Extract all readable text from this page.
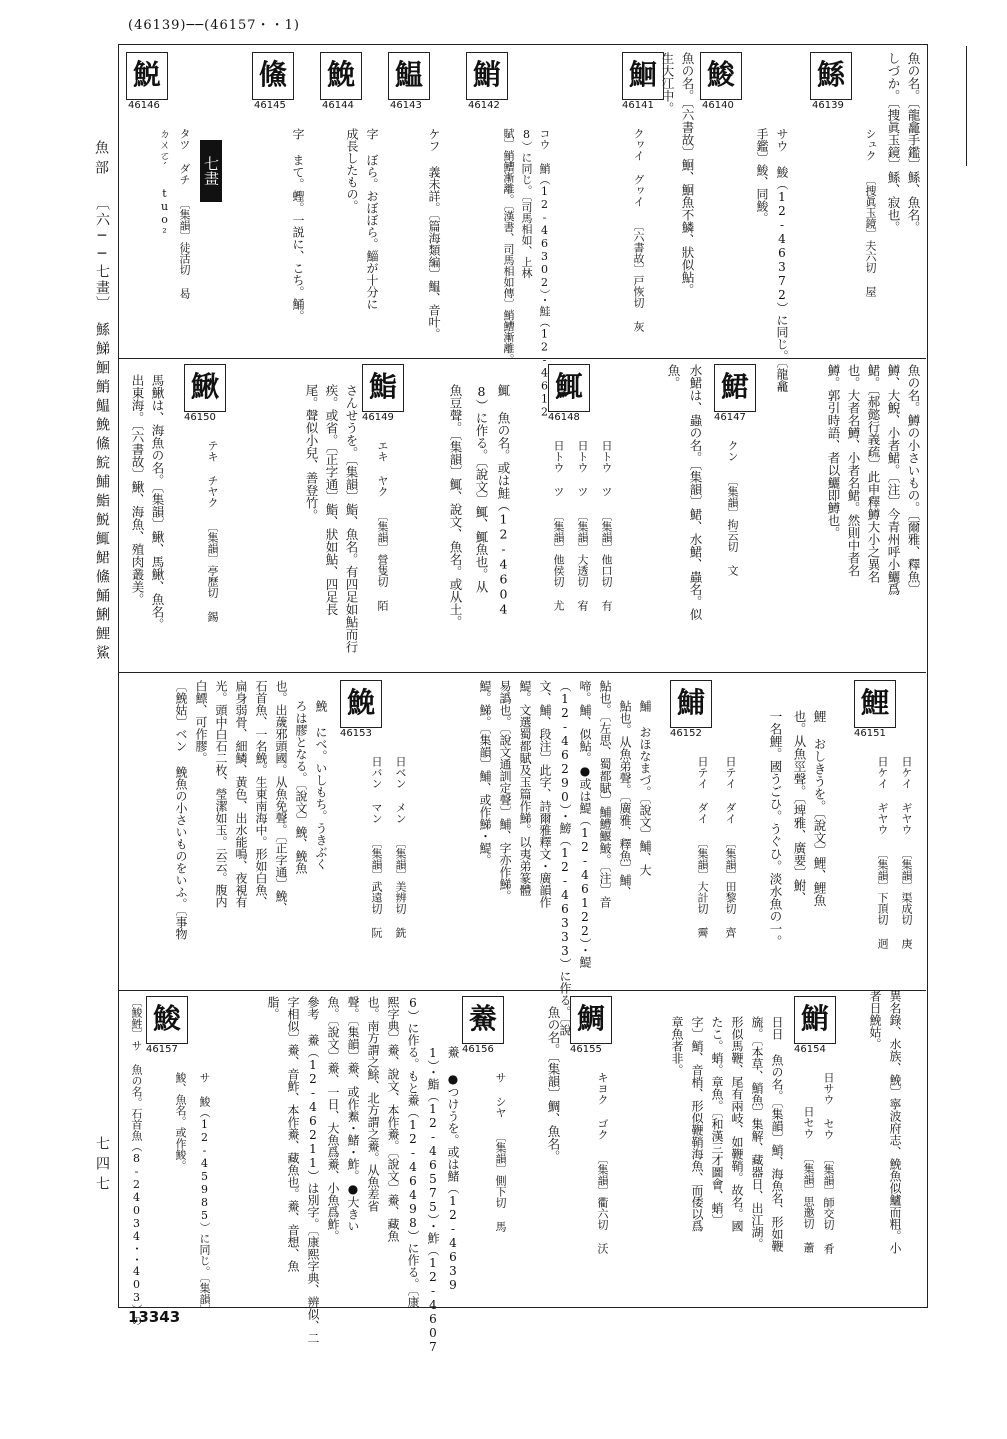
(46139)──(46157・・1)
魚部
〔六──七畫〕
鯀鮷鮰鮹鰛鮸鯈鯇鯆鮨鮵鮿鮶鯈鯒鯏鯉鯊
七四七
七畫
鯀
46139	魚の名。〔龍龕手鑑〕鯀、魚名。
しづか。〔捜眞玉鏡〕鯀、寂也。
シュク 〔捜眞玉鏡〕夫六切 屋
鮻
46140
サウ 鮻（12-46372）に同じ。〔龍龕
手鑑〕鮻、同鮻。
魚の名。〔六書故〕鮰、鮰魚不鱗、狀似鮎。
生大江中。
鮰
46141
クヮイ グヮイ 〔六書故〕戸恢切 灰
鮹
46142
コウ 鮹（12-46302）・鮭（12-4612
8）に同じ。〔司馬相如、上林
賦〕鮹鰽漸離。〔漢書、司馬相如傳〕鮹鰽漸離。
鰛
46143
ケフ 義未詳。〔篇海類編〕鰛、音叶。
鮸
46144
字 ぼら。おぼぼら。鯔が十分に
成長したもの。
鯈
46145
字 まて。蟶。一説に、こち。鯒。
鮵
46146
タツ ダチ 〔集韻〕徒活切 曷
ㄉㄨㄛˊ tuo²
魚の名。鱒の小さいもの。〔爾雅、釋魚〕
鱒、大鯢、小者鮶。〔注〕今青州呼小鱺爲
鮶。〔郝懿行義疏〕此申釋鱒大小之異名
也。大者名鱒、小者名鮶。然則中者名
鱒。郭引時語、者以鱺即鱒也。
鮶
46147
クン 〔集韻〕拘云切 文
水鮶は、蟲の名。〔集韻〕鮶、水鮶、蟲名。似
魚。
鮿
46148
日トウ ツ 〔集韻〕他口切 有
日トウ ツ 〔集韻〕大透切 宥
日トウ ツ 〔集韻〕他侯切 尤
鮿 魚の名。或は鮭（12-4604
8）に作る。〔說文〕鮿、鮿魚也。从
魚豆聲。〔集韻〕鮿、說文、魚名。或从土。
鮨
46149
エキ ヤク 〔集韻〕營隻切 陌
さんせうを。〔集韻〕鮨、魚名。有四足如鮎而行
疾。或省。〔正字通〕鮨、狀如鮎、四足長
尾。聲似小兒、善登竹。
鰍
46150
テキ チヤク 〔集韻〕亭歷切 錫
馬鰍は、海魚の名。〔集韻〕鰍、馬鰍、魚名。
出東海。〔六書故〕鰍、海魚、殖肉叢美。
鯉
46151
日ケイ ギヤウ 〔集韻〕渠成切 庚
日ケイ ギヤウ 〔集韻〕下頂切 迥
鯉 おしきうを。〔說文〕鯉、鯉魚
也。从魚巠聲。〔埤雅、廣要〕鮒、
一名鯉。國うごひ。うぐひ。淡水魚の一。
鯆
46152
日テイ ダイ 〔集韻〕田黎切 齊
日テイ ダイ 〔集韻〕大計切 霽
鯆 おほなまづ。〔說文〕鯆、大
鮎也。从魚弟聲。〔廣雅、釋魚〕鯆、
鮎也。〔左思、蜀都賦〕鯆鱧鰋鮍。〔注〕音
啼。鯆、似鮎。●或は鯷（12-46122）・鯷
（12-46290）・鰟（12-46333）に作る。〔說
文、鯆、段注〕此字、詩爾雅釋文・廣韻作
鯷。文選蜀都賦及玉篇作鮷。以夷弟篆體
易譌也。〔說文通訓定聲〕鯆、字亦作鮷。
鯷。鮷。〔集韻〕鯆、或作鮷・鯷。
鮸
46153
日ベン メン 〔集韻〕美辨切 銑
日バン マン 〔集韻〕武遠切 阮
鮸 にべ。いしもち。うきぶく
ろは膠となる。〔說文〕鮸、鮸魚
也。出薉邪頭國。从魚免聲。〔正字通〕鮸、
石首魚、一名鮸。生東南海中。形如白魚、
扁身弱骨、細鱗、黃色、出水能鳴、夜視有
光。頭中白石二枚、瑩潔如玉。云云。腹内
白鰾、可作膠。
〔鮸姑〕ベン 鮸魚の小さいものをいふ。〔事物
異名錄、水族、鮸〕寧波府志、鮸魚似鱸而粗。小
者日鮸姑。
鮹
46154
日サウ セウ 〔集韻〕師交切 肴
日セウ 〔集韻〕思邀切 蕭
日日 魚の名。〔集韻〕鮹、海魚名、形如鞭
旒。〔本草、鮹魚〕集解、藏器日、出江湖。
形似馬鞭、尾有兩岐、如鞭鞘。故名。國
たこ。蛸。章魚。〔和漢三才圖會、蛸〕
字〕鮹、音梢、形似鞭鞘海魚、而倭以爲
章魚者非。
鯛
46155
キヨク ゴク 〔集韻〕衢六切 沃
魚の名。〔集韻〕鯛、魚名。
鯗
46156
サ シヤ 〔集韻〕側下切 馬
鯗 ●つけうを。或は鯺（12-4639
1）・鮨（12-46575）・鮓（12-4607
6）に作る。もと鯗（12-46498）に作る。〔康
熙字典〕鯗、說文、本作鯗。〔說文〕鯗、藏魚
也。南方謂之鮽、北方謂之鯗。从魚差省
聲。〔集韻〕鯗、或作鮺・鯺・鮓。●大きい
魚。〔說文〕鯗、一日、大魚爲鯗、小魚爲鮓。
參考 鯗（12-46211）は別字。〔康熙字典、辨似、二
字相似〕鯗、音鮓、本作鯗、藏魚也。鯗、音想、魚
脂。
鮻
46157
サ 鮻（12-45985）に同じ。〔集韻〕
鮻、魚名。或作鮻。
〔鮻鮏〕サ 魚の名。石首魚（8-24034・・403）の
13343
